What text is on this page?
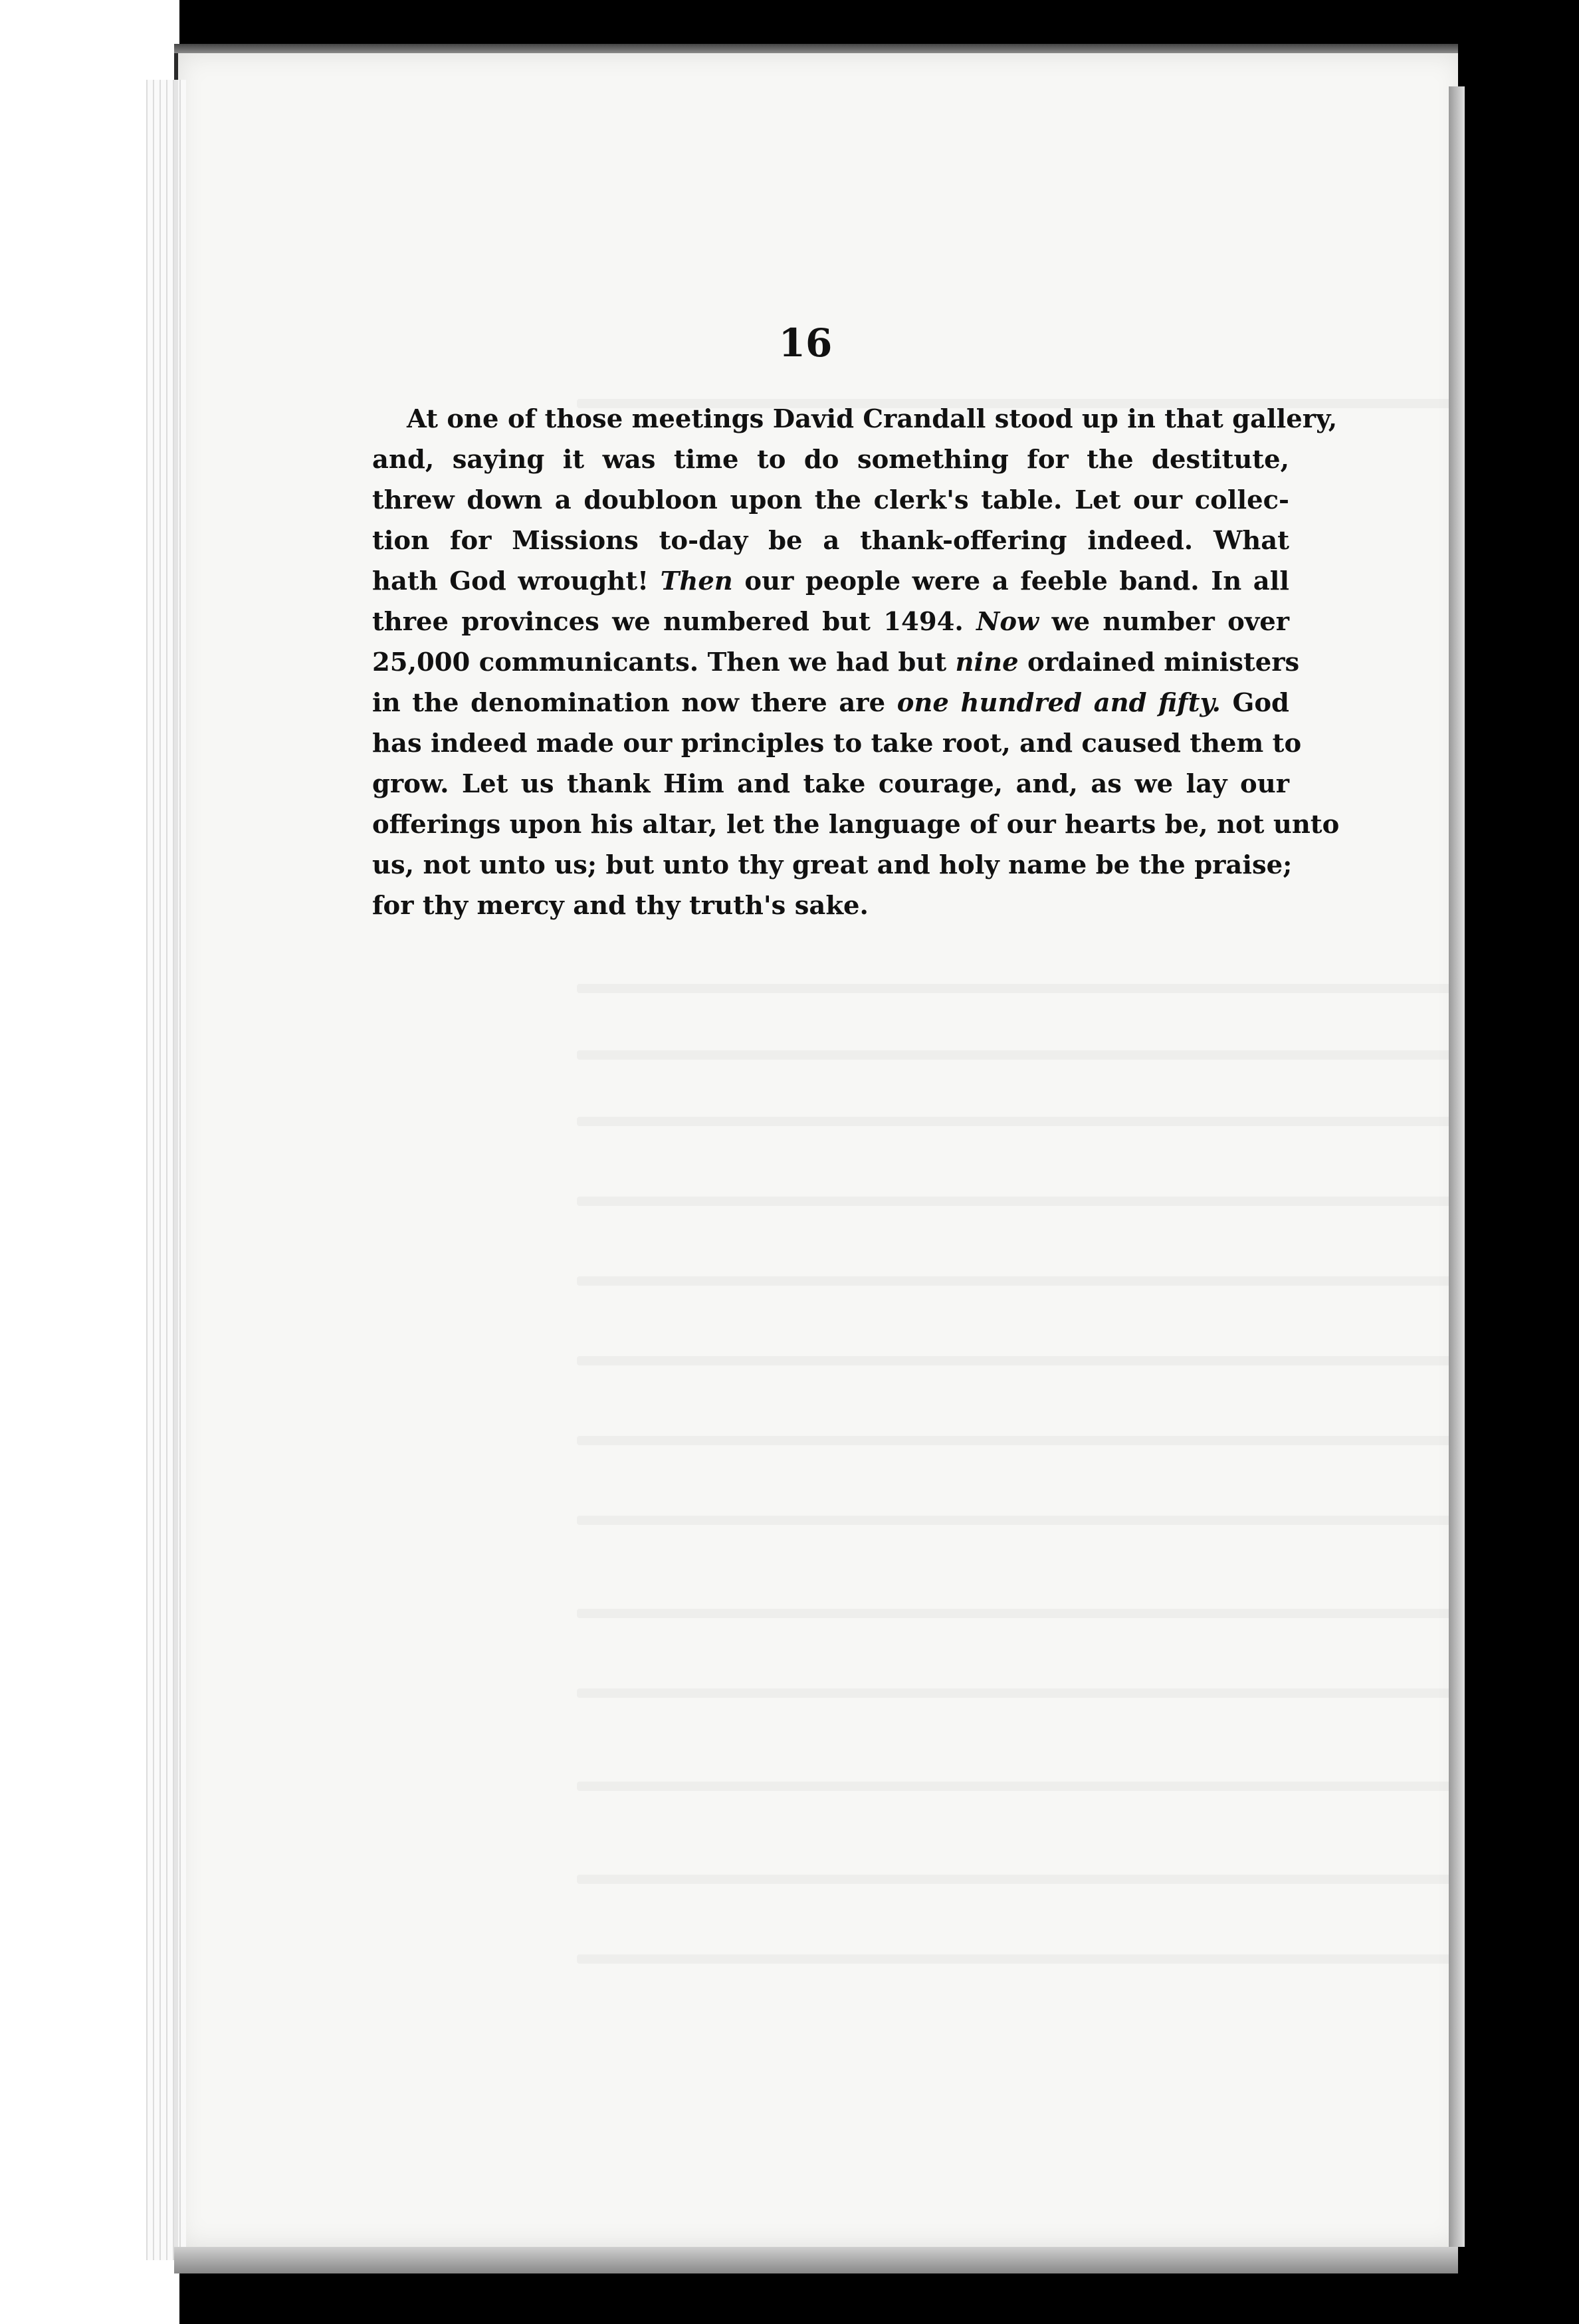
16
At one of those meetings David Crandall stood up in that gallery,
and, saying it was time to do something for the destitute,
threw down a doubloon upon the clerk's table. Let our collec-
tion for Missions to-day be a thank-offering indeed. What
hath God wrought! Then our people were a feeble band. In all
three provinces we numbered but 1494. Now we number over
25,000 communicants. Then we had but nine ordained ministers
in the denomination now there are one hundred and fifty. God
has indeed made our principles to take root, and caused them to
grow. Let us thank Him and take courage, and, as we lay our
offerings upon his altar, let the language of our hearts be, not unto
us, not unto us; but unto thy great and holy name be the praise;
for thy mercy and thy truth's sake.
